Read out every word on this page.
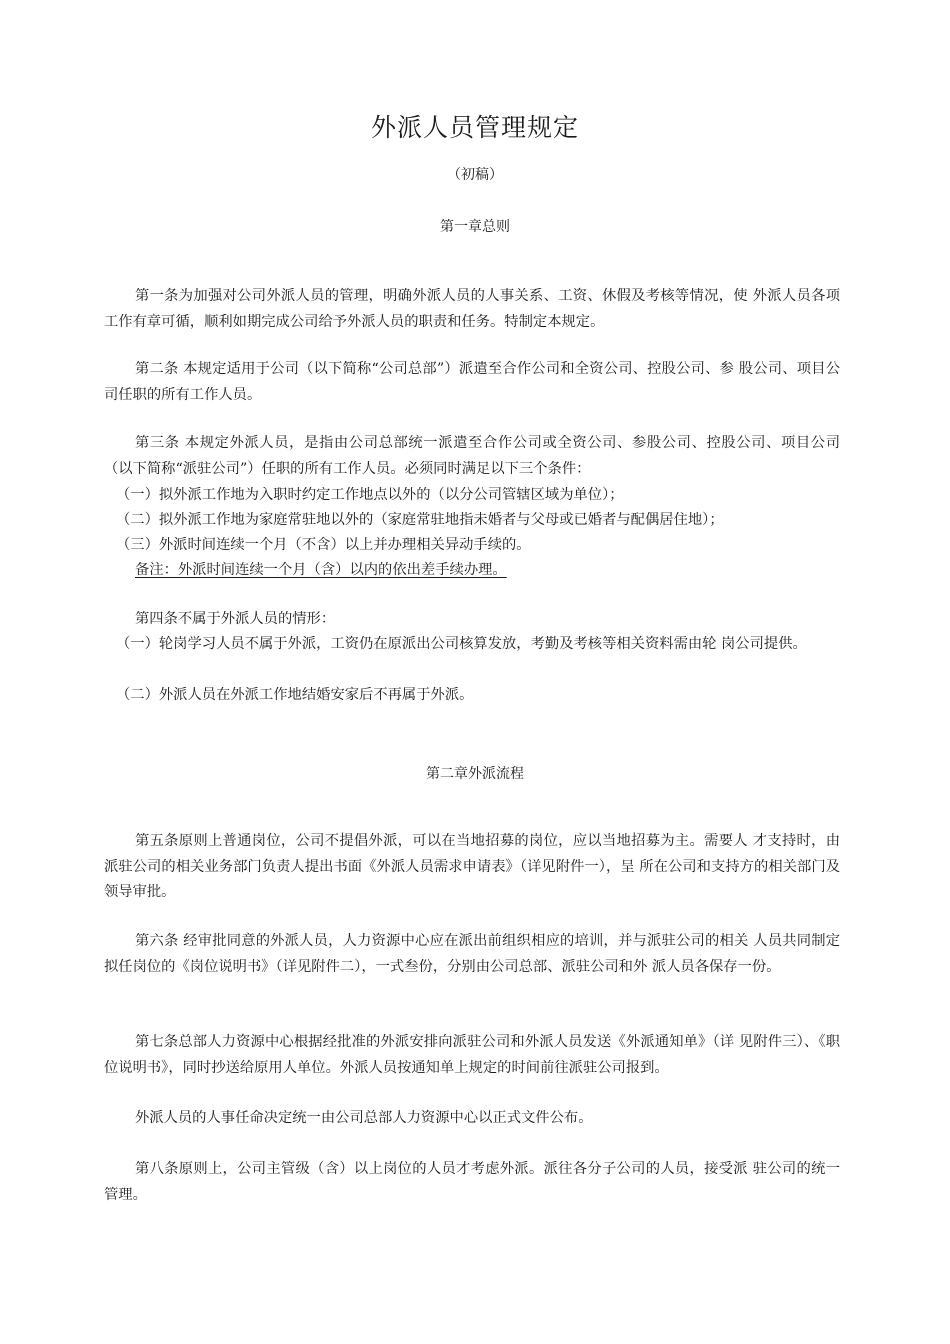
外派人员管理规定
（初稿）
第一章总则

第一条为加强对公司外派人员的管理，明确外派人员的人事关系、工资、休假及考核等情况，使 外派人员各项工作有章可循，顺利如期完成公司给予外派人员的职责和任务。特制定本规定。

第二条 本规定适用于公司（以下简称“公司总部”）派遣至合作公司和全资公司、控股公司、参 股公司、项目公司任职的所有工作人员。

第三条 本规定外派人员，是指由公司总部统一派遣至合作公司或全资公司、参股公司、控股公司、项目公司（以下简称“派驻公司”）任职的所有工作人员。必须同时满足以下三个条件：

（一）拟外派工作地为入职时约定工作地点以外的（以分公司管辖区域为单位）；

（二）拟外派工作地为家庭常驻地以外的（家庭常驻地指未婚者与父母或已婚者与配偶居住地）；

（三）外派时间连续一个月（不含）以上并办理相关异动手续的。

备注：外派时间连续一个月（含）以内的依出差手续办理。

第四条不属于外派人员的情形：

（一）轮岗学习人员不属于外派，工资仍在原派出公司核算发放，考勤及考核等相关资料需由轮 岗公司提供。

（二）外派人员在外派工作地结婚安家后不再属于外派。

第二章外派流程

第五条原则上普通岗位，公司不提倡外派，可以在当地招募的岗位，应以当地招募为主。需要人 才支持时，由派驻公司的相关业务部门负责人提出书面《外派人员需求申请表》（详见附件一），呈 所在公司和支持方的相关部门及领导审批。

第六条 经审批同意的外派人员，人力资源中心应在派出前组织相应的培训，并与派驻公司的相关 人员共同制定拟任岗位的《岗位说明书》（详见附件二），一式叁份，分别由公司总部、派驻公司和外 派人员各保存一份。

第七条总部人力资源中心根据经批准的外派安排向派驻公司和外派人员发送《外派通知单》（详 见附件三）、《职位说明书》，同时抄送给原用人单位。外派人员按通知单上规定的时间前往派驻公司报到。

外派人员的人事任命决定统一由公司总部人力资源中心以正式文件公布。

第八条原则上，公司主管级（含）以上岗位的人员才考虑外派。派往各分子公司的人员，接受派 驻公司的统一管理。
